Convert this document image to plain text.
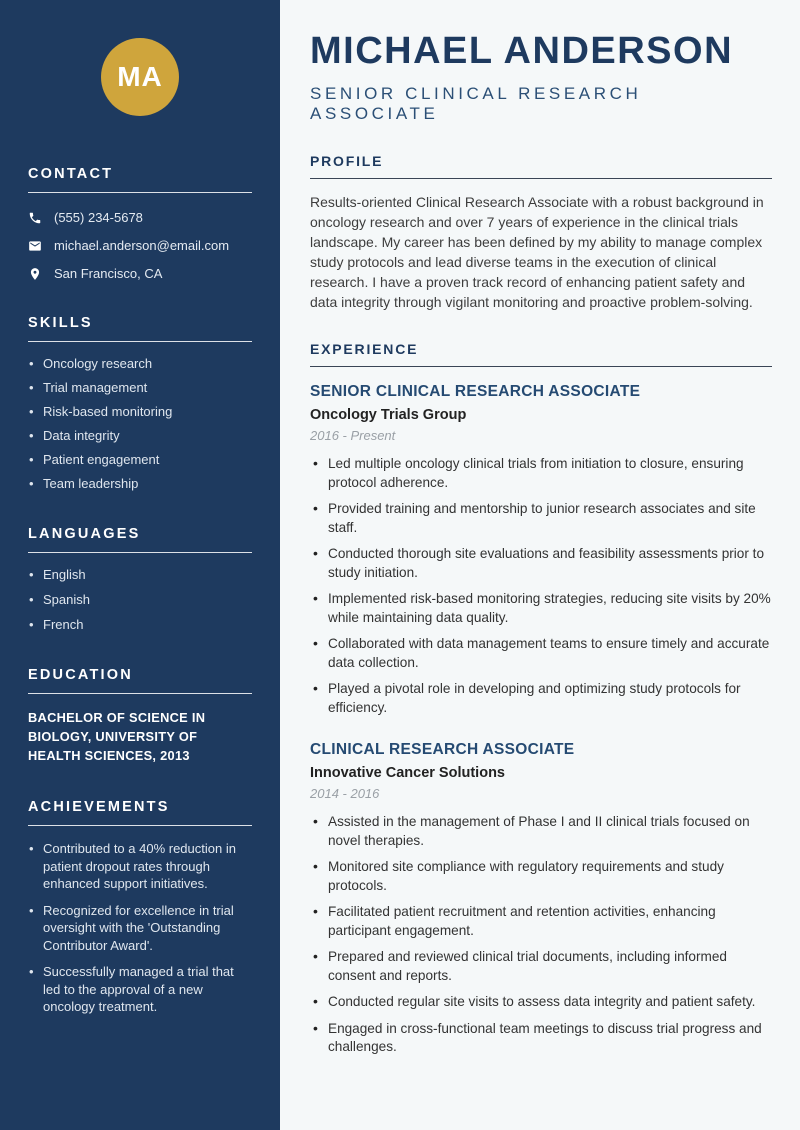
MA
CONTACT
(555) 234-5678
michael.anderson@email.com
San Francisco, CA
SKILLS
• Oncology research
• Trial management
• Risk-based monitoring
• Data integrity
• Patient engagement
• Team leadership
LANGUAGES
• English
• Spanish
• French
EDUCATION
BACHELOR OF SCIENCE IN BIOLOGY, UNIVERSITY OF HEALTH SCIENCES, 2013
ACHIEVEMENTS
• Contributed to a 40% reduction in patient dropout rates through enhanced support initiatives.
• Recognized for excellence in trial oversight with the 'Outstanding Contributor Award'.
• Successfully managed a trial that led to the approval of a new oncology treatment.
MICHAEL ANDERSON
SENIOR CLINICAL RESEARCH ASSOCIATE
PROFILE

Results-oriented Clinical Research Associate with a robust background in oncology research and over 7 years of experience in the clinical trials landscape. My career has been defined by my ability to manage complex study protocols and lead diverse teams in the execution of clinical research. I have a proven track record of enhancing patient safety and data integrity through vigilant monitoring and proactive problem-solving.

EXPERIENCE
SENIOR CLINICAL RESEARCH ASSOCIATE
Oncology Trials Group
2016 - Present
• Led multiple oncology clinical trials from initiation to closure, ensuring protocol adherence.
• Provided training and mentorship to junior research associates and site staff.
• Conducted thorough site evaluations and feasibility assessments prior to study initiation.
• Implemented risk-based monitoring strategies, reducing site visits by 20% while maintaining data quality.
• Collaborated with data management teams to ensure timely and accurate data collection.
• Played a pivotal role in developing and optimizing study protocols for efficiency.
CLINICAL RESEARCH ASSOCIATE
Innovative Cancer Solutions
2014 - 2016
• Assisted in the management of Phase I and II clinical trials focused on novel therapies.
• Monitored site compliance with regulatory requirements and study protocols.
• Facilitated patient recruitment and retention activities, enhancing participant engagement.
• Prepared and reviewed clinical trial documents, including informed consent and reports.
• Conducted regular site visits to assess data integrity and patient safety.
• Engaged in cross-functional team meetings to discuss trial progress and challenges.
